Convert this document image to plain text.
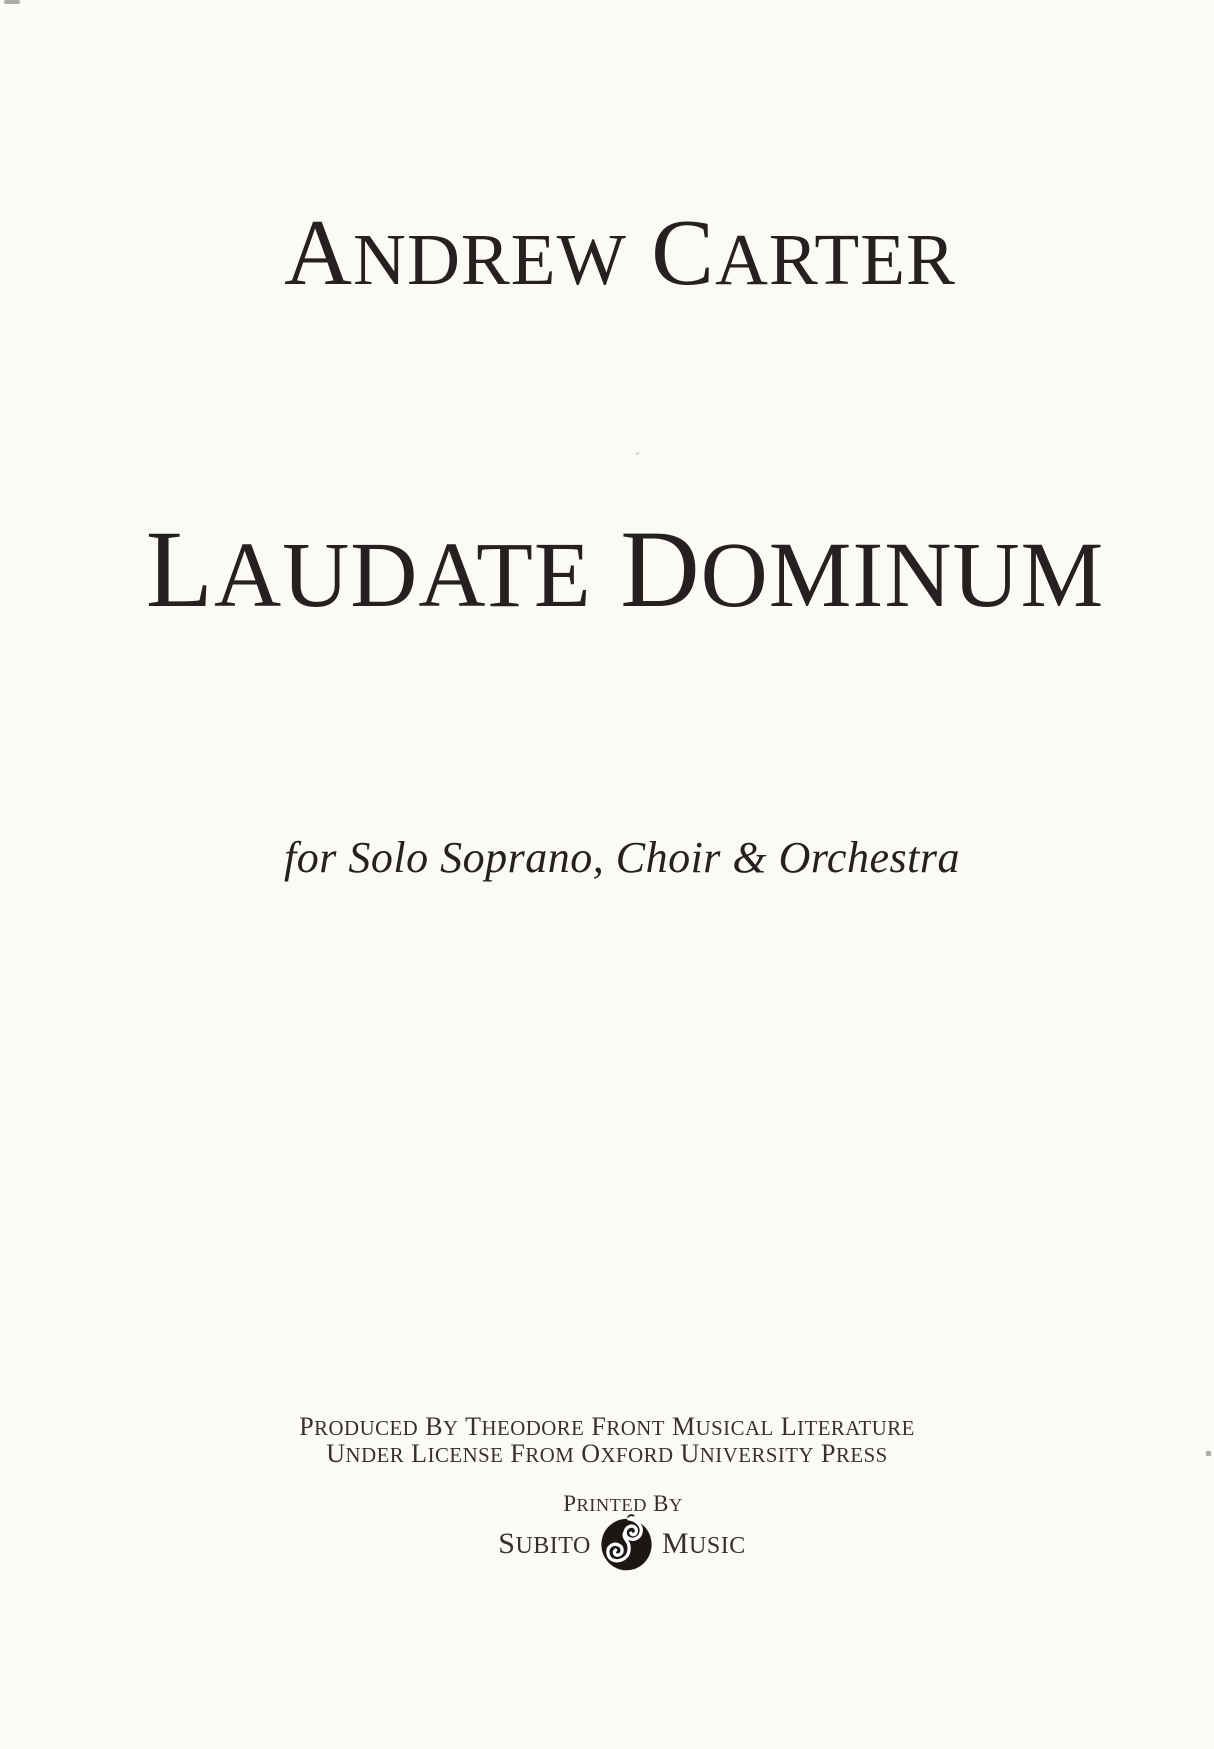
ANDREW CARTER
LAUDATE DOMINUM
for Solo Soprano, Choir & Orchestra
PRODUCED BY THEODORE FRONT MUSICAL LITERATURE
UNDER LICENSE FROM OXFORD UNIVERSITY PRESS
PRINTED BY
SUBITO MUSIC
